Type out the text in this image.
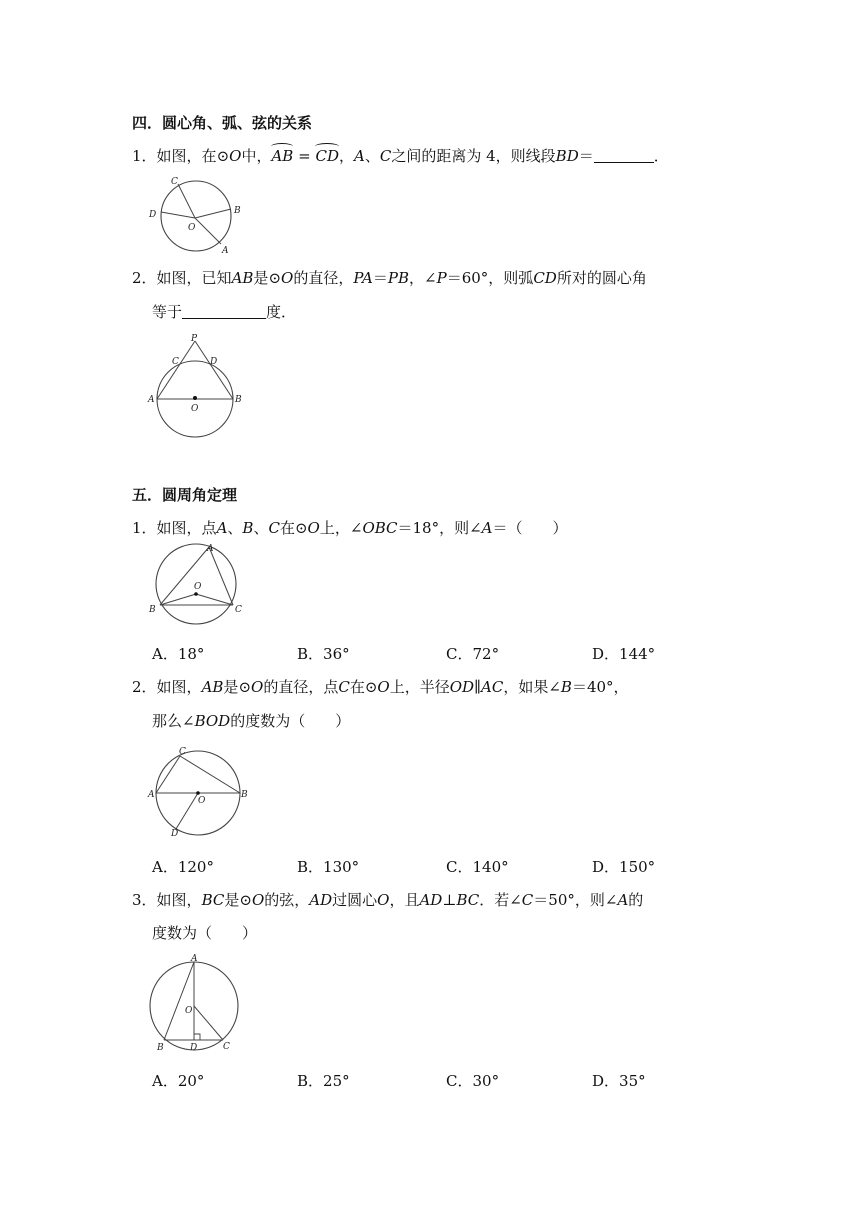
四．圆心角、弧、弦的关系
1．如图，在⊙O中，AB = CD，A、C之间的距离为 4，则线段BD＝	．
C
D
O
B
A
2．如图，已知AB是⊙O的直径，PA＝PB，∠P＝60°，则弧CD所对的圆心角
等于	度．
P
C	D
A
O
B
五．圆周角定理
1．如图，点A、B、C在⊙O上，∠OBC＝18°，则∠A＝（　　）
A
O
B	C
A．18°	B．36°	C．72°	D．144°
2．如图，AB是⊙O的直径，点C在⊙O上，半径OD∥AC，如果∠B＝40°，
那么∠BOD的度数为（　　）
C
A
O
B
D
A．120°	B．130°	C．140°	D．150°
3．如图，BC是⊙O的弦，AD过圆心O，且AD⊥BC．若∠C＝50°，则∠A的
度数为（　　）
A
O
B	D	C
A．20°	B．25°	C．30°	D．35°
